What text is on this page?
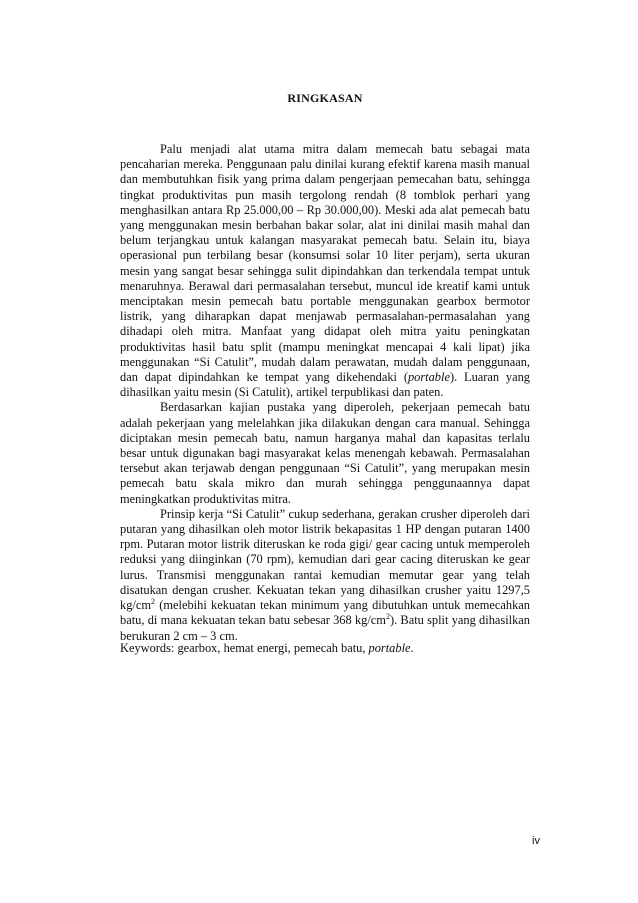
RINGKASAN

Palu menjadi alat utama mitra dalam memecah batu sebagai mata pencaharian mereka. Penggunaan palu dinilai kurang efektif karena masih manual dan membutuhkan fisik yang prima dalam pengerjaan pemecahan batu, sehingga tingkat produktivitas pun masih tergolong rendah (8 tomblok perhari yang menghasilkan antara Rp 25.000,00 – Rp 30.000,00). Meski ada alat pemecah batu yang menggunakan mesin berbahan bakar solar, alat ini dinilai masih mahal dan belum terjangkau untuk kalangan masyarakat pemecah batu. Selain itu, biaya operasional pun terbilang besar (konsumsi solar 10 liter perjam), serta ukuran mesin yang sangat besar sehingga sulit dipindahkan dan terkendala tempat untuk menaruhnya. Berawal dari permasalahan tersebut, muncul ide kreatif kami untuk menciptakan mesin pemecah batu portable menggunakan gearbox bermotor listrik, yang diharapkan dapat menjawab permasalahan-permasalahan yang dihadapi oleh mitra. Manfaat yang didapat oleh mitra yaitu peningkatan produktivitas hasil batu split (mampu meningkat mencapai 4 kali lipat) jika menggunakan “Si Catulit”, mudah dalam perawatan, mudah dalam penggunaan, dan dapat dipindahkan ke tempat yang dikehendaki (portable). Luaran yang dihasilkan yaitu mesin (Si Catulit), artikel terpublikasi dan paten.

Berdasarkan kajian pustaka yang diperoleh, pekerjaan pemecah batu adalah pekerjaan yang melelahkan jika dilakukan dengan cara manual. Sehingga diciptakan mesin pemecah batu, namun harganya mahal dan kapasitas terlalu besar untuk digunakan bagi masyarakat kelas menengah kebawah. Permasalahan tersebut akan terjawab dengan penggunaan “Si Catulit”, yang merupakan mesin pemecah batu skala mikro dan murah sehingga penggunaannya dapat meningkatkan produktivitas mitra.

Prinsip kerja “Si Catulit” cukup sederhana, gerakan crusher diperoleh dari putaran yang dihasilkan oleh motor listrik bekapasitas 1 HP dengan putaran 1400 rpm. Putaran motor listrik diteruskan ke roda gigi/ gear cacing untuk memperoleh reduksi yang diinginkan (70 rpm), kemudian dari gear cacing diteruskan ke gear lurus. Transmisi menggunakan rantai kemudian memutar gear yang telah disatukan dengan crusher. Kekuatan tekan yang dihasilkan crusher yaitu 1297,5 $kg/cm^2$ (melebihi kekuatan tekan minimum yang dibutuhkan untuk memecahkan batu, di mana kekuatan tekan batu sebesar 368 $kg/cm^2$). Batu split yang dihasilkan berukuran 2 cm – 3 cm.

Keywords: gearbox, hemat energi, pemecah batu, portable.
iv
